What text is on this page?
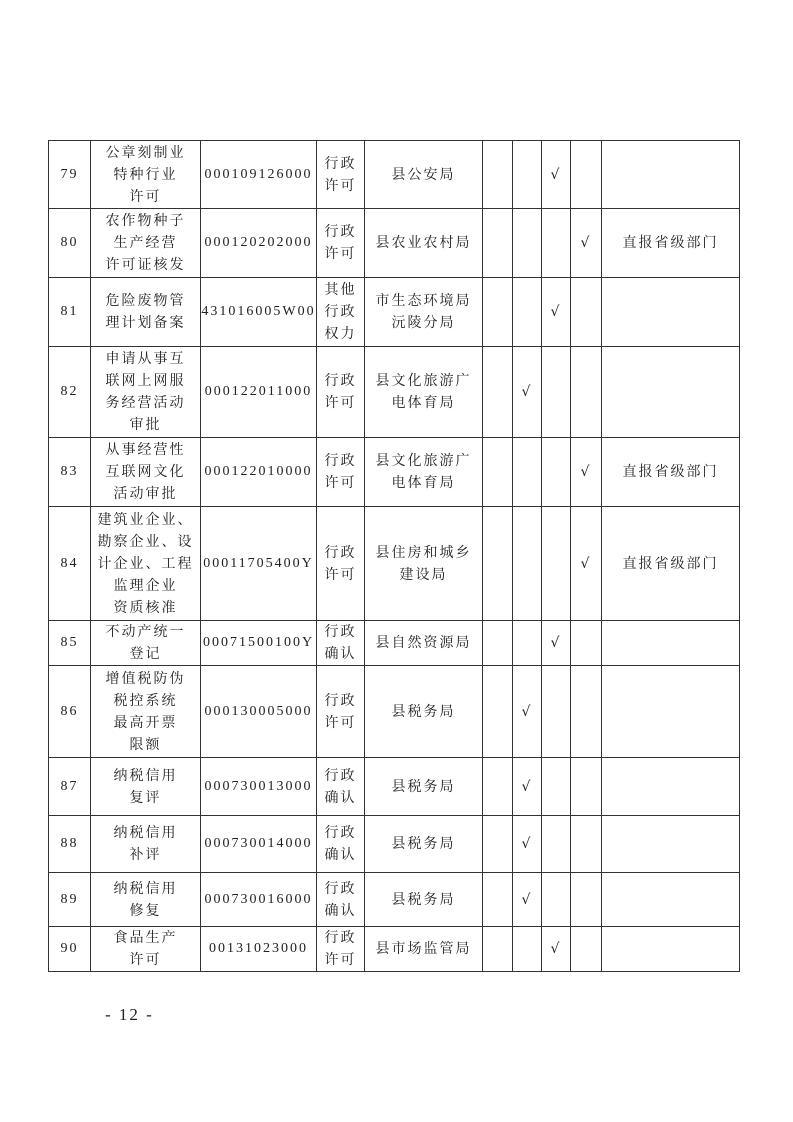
79	公章刻制业
特种行业
许可	000109126000	行政
许可	县公安局			√		
80	农作物种子
生产经营
许可证核发	000120202000	行政
许可	县农业农村局				√	直报省级部门
81	危险废物管
理计划备案	431016005W00	其他
行政
权力	市生态环境局
沅陵分局			√		
82	申请从事互
联网上网服
务经营活动
审批	000122011000	行政
许可	县文化旅游广
电体育局		√			
83	从事经营性
互联网文化
活动审批	000122010000	行政
许可	县文化旅游广
电体育局				√	直报省级部门
84	建筑业企业、
勘察企业、设
计企业、工程
监理企业
资质核准	00011705400Y	行政
许可	县住房和城乡
建设局				√	直报省级部门
85	不动产统一
登记	00071500100Y	行政
确认	县自然资源局			√		
86	增值税防伪
税控系统
最高开票
限额	000130005000	行政
许可	县税务局		√			
87	纳税信用
复评	000730013000	行政
确认	县税务局		√			
88	纳税信用
补评	000730014000	行政
确认	县税务局		√			
89	纳税信用
修复	000730016000	行政
确认	县税务局		√			
90	食品生产
许可	00131023000	行政
许可	县市场监管局			√		
- 12 -
